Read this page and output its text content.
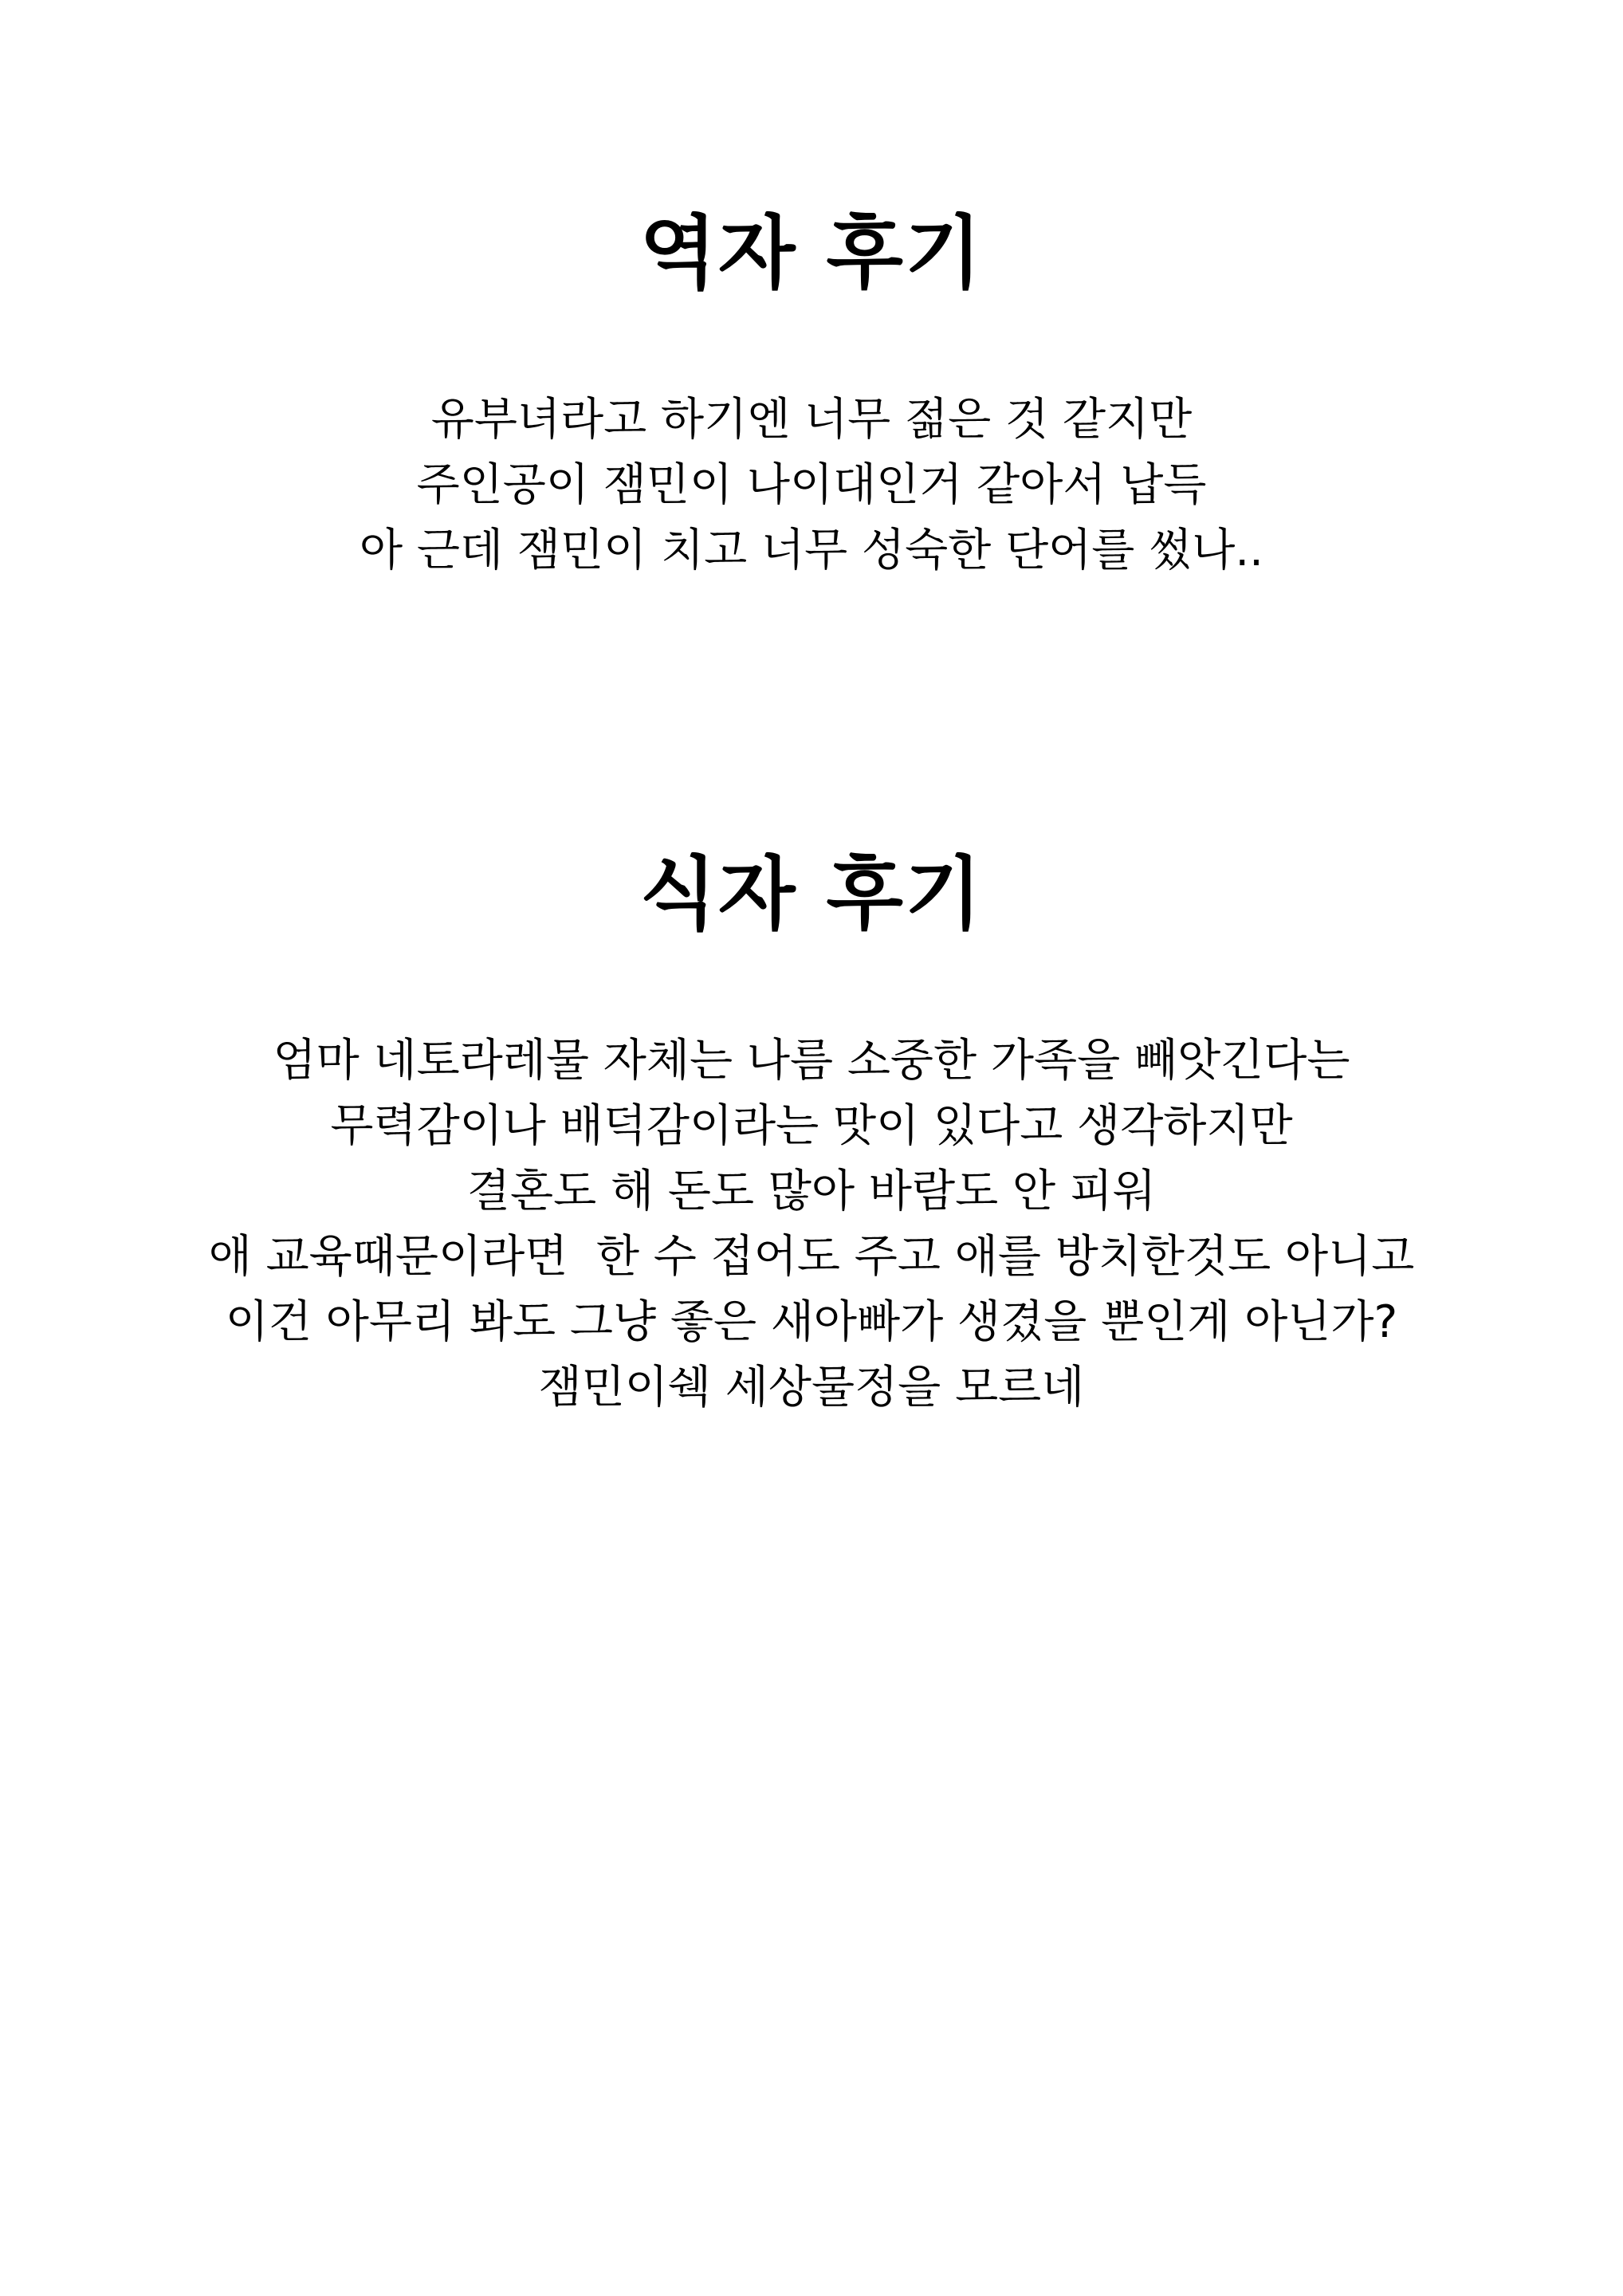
역자 후기
유부녀라고 하기엔 너무 젊은 것 같지만
주인공이 잼민이 나이대인거 같아서 납득
아 근데 잼민이 치고 너무 성숙한 단어를 썼나..
식자 후기
엄마 네토라레물 자체는 나름 소중한 가족을 빼앗긴다는
무력감이나 배덕감이라는 맛이 있다고 생각하지만
결혼도 해 돈도 많아 바람도 안 피워
애 교육때문이라면  한 수 접어도 주고 애를 방치한것도 아니고
이건 아무리 봐도 그냥 좋은 새아빠가 생겼을 뿐인게 아닌가?
잼민이쉑 세상물정을 모르네
